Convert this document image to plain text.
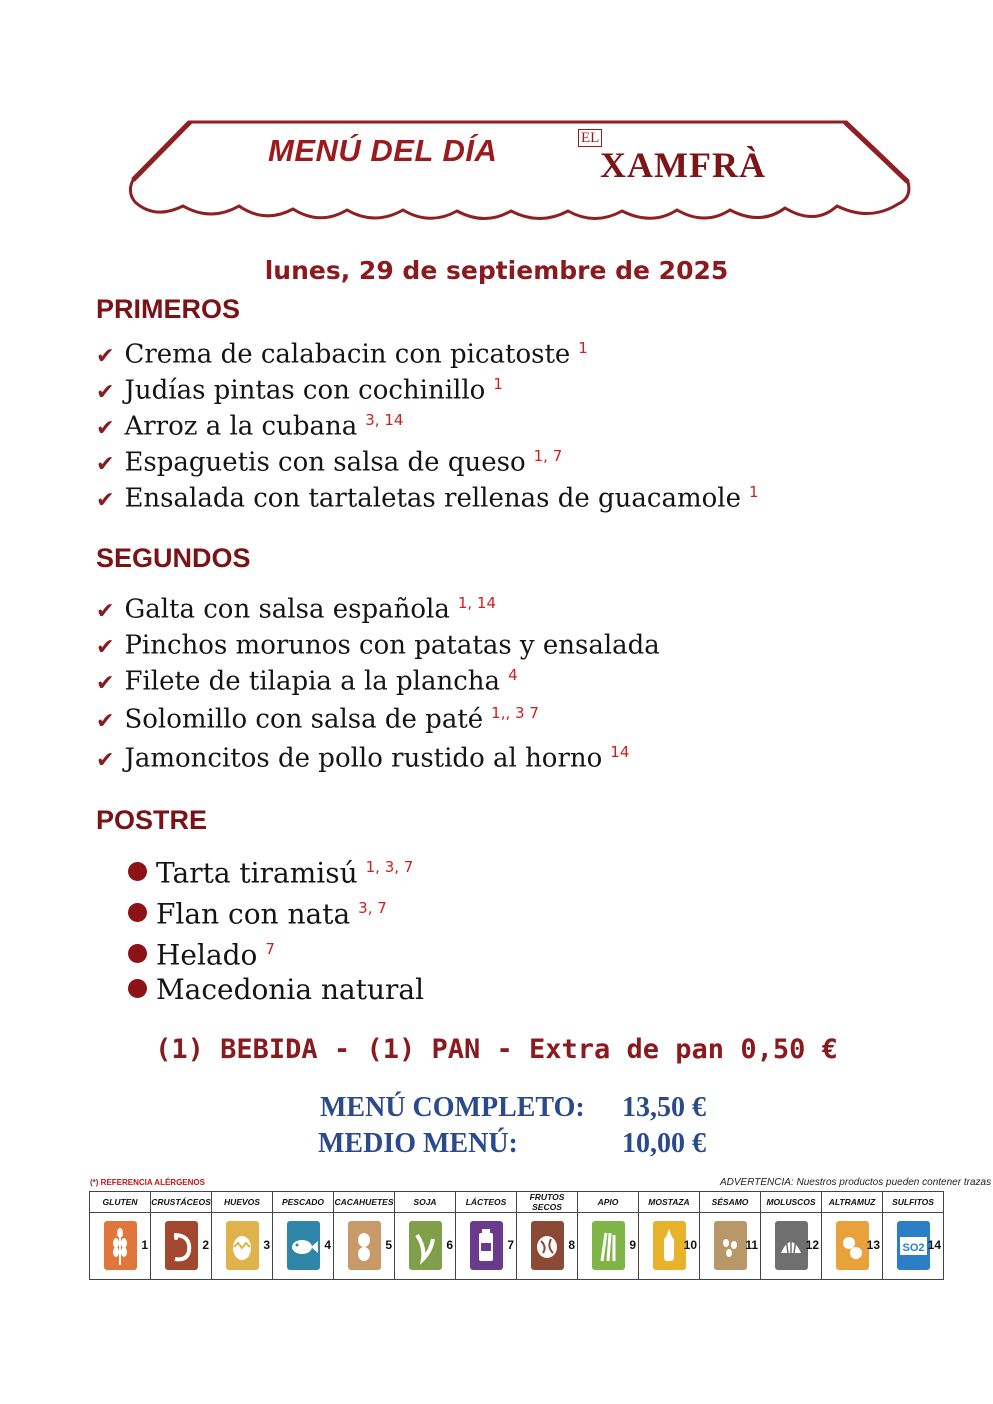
MENÚ DEL DÍA	EL
XAMFRÀ
lunes, 29 de septiembre de 2025
PRIMEROS
✔ Crema de calabacin con picatoste $^1$
✔ Judías pintas con cochinillo $^1$
✔ Arroz a la cubana $^{3, 14}$
✔ Espaguetis con salsa de queso $^{1, 7}$
✔ Ensalada con tartaletas rellenas de guacamole $^1$
SEGUNDOS
✔ Galta con salsa española $^{1, 14}$
✔ Pinchos morunos con patatas y ensalada
✔ Filete de tilapia a la plancha $^4$
✔ Solomillo con salsa de paté $^{1,, 3 7}$
✔ Jamoncitos de pollo rustido al horno $^{14}$
POSTRE
Tarta tiramisú $^{1, 3, 7}$
Flan con nata $^{3, 7}$
Helado $^7$
Macedonia natural
(1) BEBIDA - (1) PAN - Extra de pan 0,50 €
MENÚ COMPLETO: 13,50 €
MEDIO MENÚ:	10,00 €
(*) REFERENCIA ALÉRGENOS	ADVERTENCIA: Nuestros productos pueden contener trazas
GLUTEN	CRUSTÁCEOS	HUEVOS	PESCADO	CACAHUETES	SOJA	LÁCTEOS	FRUTOS SECOS	APIO	MOSTAZA	SÉSAMO	MOLUSCOS	ALTRAMUZ	SULFITOS

1	2	3	4	5	6	7	8	9	10	11	12	13	SO2 14
